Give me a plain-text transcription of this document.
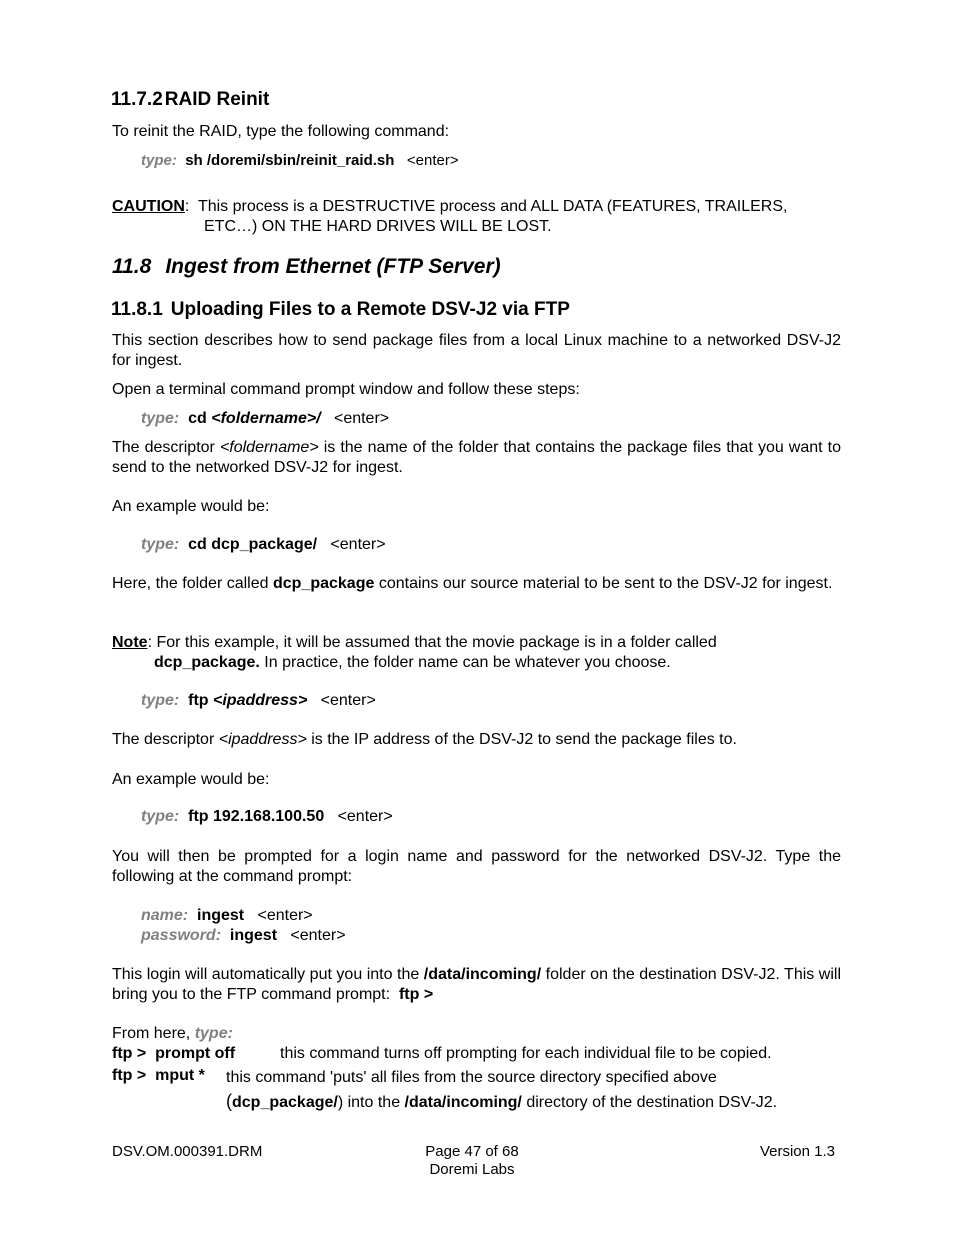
11.7.2 RAID Reinit
To reinit the RAID, type the following command:
type: sh /doremi/sbin/reinit_raid.sh <enter>
CAUTION: This process is a DESTRUCTIVE process and ALL DATA (FEATURES, TRAILERS,
ETC…) ON THE HARD DRIVES WILL BE LOST.
11.8 Ingest from Ethernet (FTP Server)
11.8.1 Uploading Files to a Remote DSV-J2 via FTP
This section describes how to send package files from a local Linux machine to a networked DSV-J2 for ingest.
Open a terminal command prompt window and follow these steps:
type: cd <foldername>/ <enter>
The descriptor <foldername> is the name of the folder that contains the package files that you want to send to the networked DSV-J2 for ingest.
An example would be:
type: cd dcp_package/ <enter>
Here, the folder called dcp_package contains our source material to be sent to the DSV-J2 for ingest.
Note: For this example, it will be assumed that the movie package is in a folder called
dcp_package. In practice, the folder name can be whatever you choose.
type: ftp <ipaddress> <enter>
The descriptor <ipaddress> is the IP address of the DSV-J2 to send the package files to.
An example would be:
type: ftp 192.168.100.50 <enter>
You will then be prompted for a login name and password for the networked DSV-J2. Type the following at the command prompt:
name: ingest <enter>
password: ingest <enter>
This login will automatically put you into the /data/incoming/ folder on the destination DSV-J2. This will bring you to the FTP command prompt:  ftp >
From here, type:
ftp > prompt off	this command turns off prompting for each individual file to be copied.
ftp > mput * this command 'puts' all files from the source directory specified above
(dcp_package/) into the /data/incoming/ directory of the destination DSV-J2.
DSV.OM.000391.DRM	Page 47 of 68
Doremi Labs
Version 1.3
